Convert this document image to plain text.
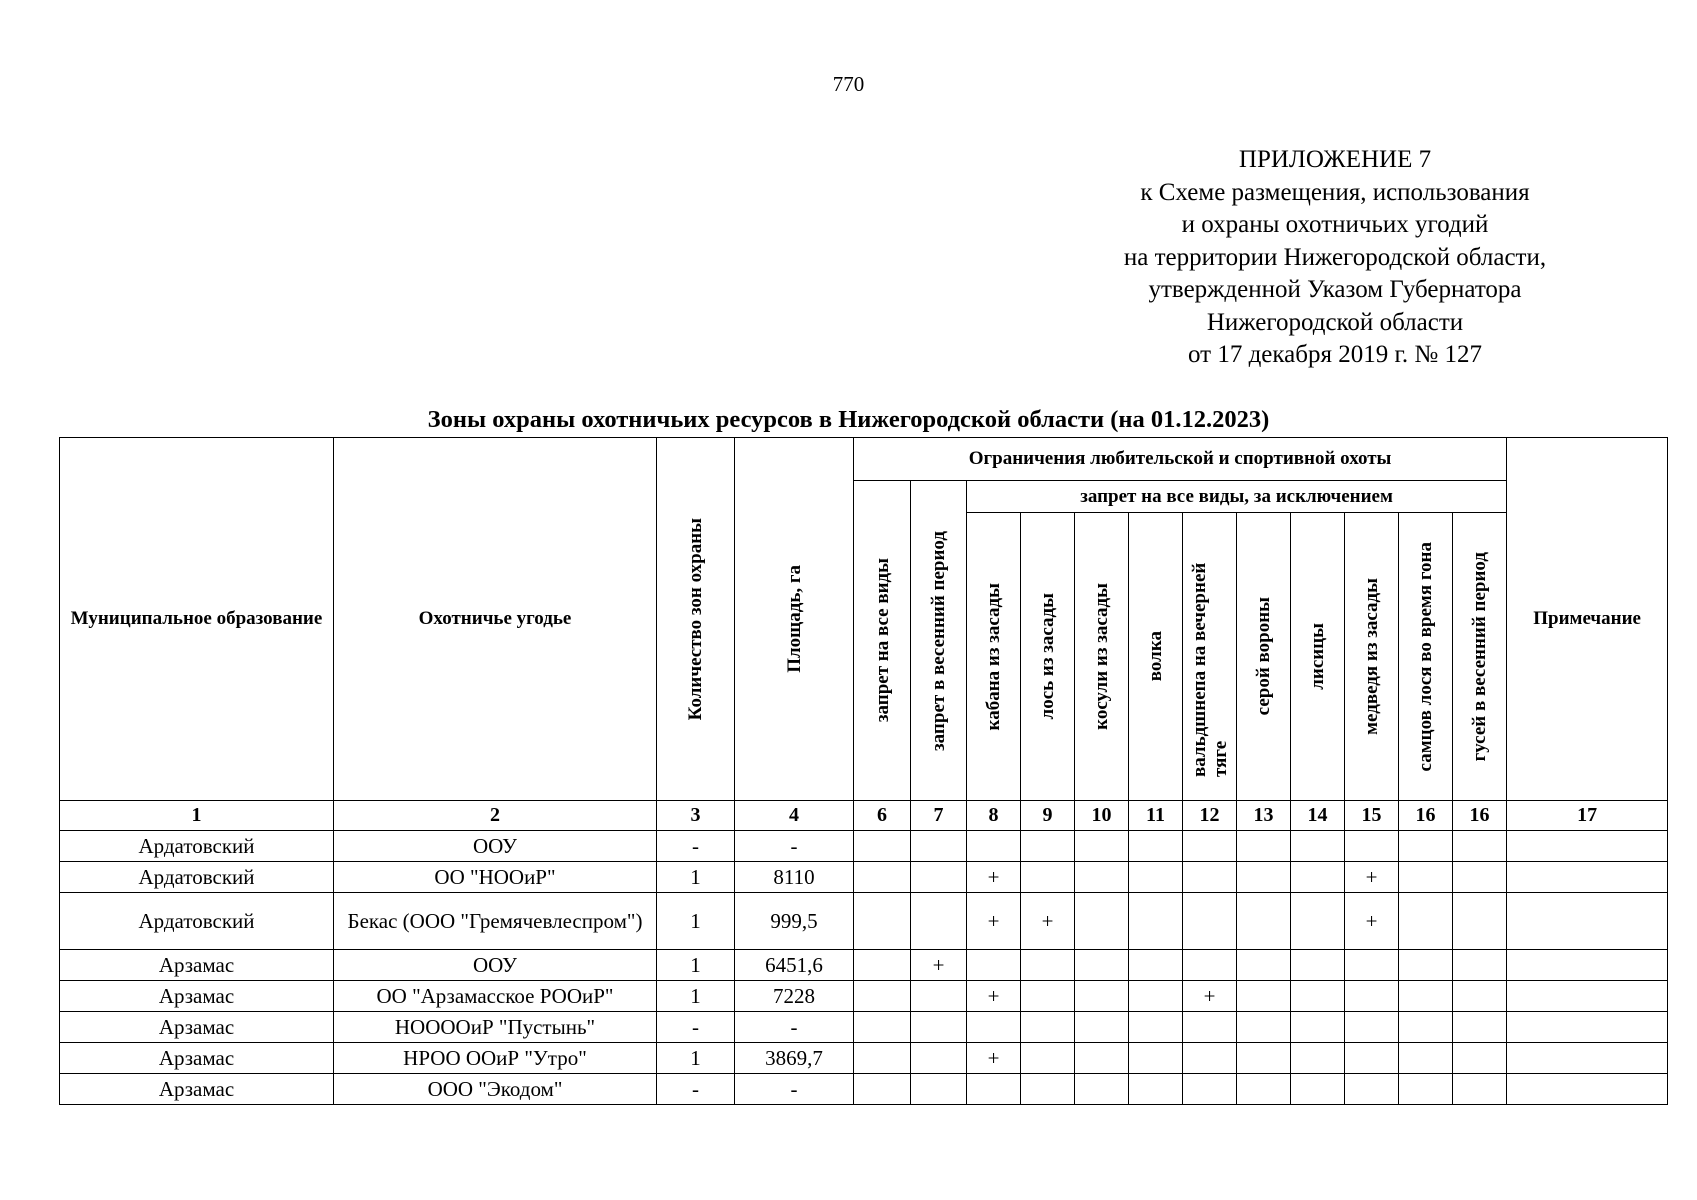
770
ПРИЛОЖЕНИЕ 7
к Схеме размещения, использования
и охраны охотничьих угодий
на территории Нижегородской области,
утвержденной Указом Губернатора
Нижегородской области
от 17 декабря 2019 г. № 127
Зоны охраны охотничьих ресурсов в Нижегородской области (на 01.12.2023)
Муниципальное образование	Охотничье угодье	Количество зон охраны	Площадь, га	Ограничения любительской и спортивной охоты												Примечание

				запрет на все виды	запрет в весенний период	запрет на все виды, за исключением										

						кабана из засады	лось из засады	косули из засады	волка	вальдшнепа на вечерней тяге	серой вороны	лисицы	медведя из засады	самцов лося во время гона	гусей в весенний период	

1	2	3	4	6	7	8	9	10	11	12	13	14	15	16	16	17
Ардатовский	ООУ	-	-													
Ардатовский	ОО "НООиР"	1	8110			+							+			
Ардатовский	Бекас (ООО "Гремячевлеспром")	1	999,5			+	+						+			
Арзамас	ООУ	1	6451,6		+											
Арзамас	ОО "Арзамасское РООиР"	1	7228			+				+						
Арзамас	НООООиР "Пустынь"	-	-													
Арзамас	НРОО ООиР "Утро"	1	3869,7			+										
Арзамас	ООО "Экодом"	-	-													
